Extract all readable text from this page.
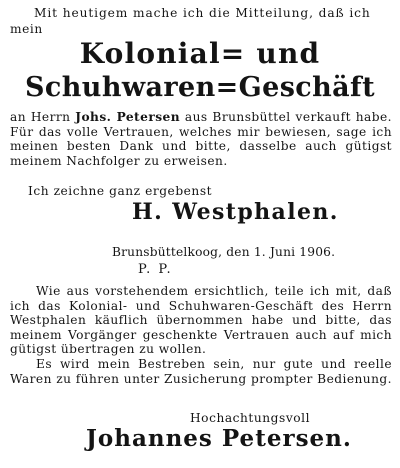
Mit heutigem mache ich die Mitteilung, daß ich
mein
Kolonial= und
Schuhwaren=Geschäft

an Herrn Johs. Petersen aus Brunsbüttel verkauft habe. Für das volle Vertrauen, welches mir bewiesen, sage ich meinen besten Dank und bitte, dasselbe auch gütigst meinem Nachfolger zu erweisen.

Ich zeichne ganz ergebenst
H. Westphalen.
Brunsbüttelkoog, den 1. Juni 1906.
P. P.

Wie aus vorstehendem ersichtlich, teile ich mit, daß ich das Kolonial- und Schuhwaren-Geschäft des Herrn Westphalen käuflich übernommen habe und bitte, das meinem Vorgänger geschenkte Vertrauen auch auf mich gütigst übertragen zu wollen.

Es wird mein Bestreben sein, nur gute und reelle Waren zu führen unter Zusicherung prompter Bedienung.

Hochachtungsvoll
Johannes Petersen.
